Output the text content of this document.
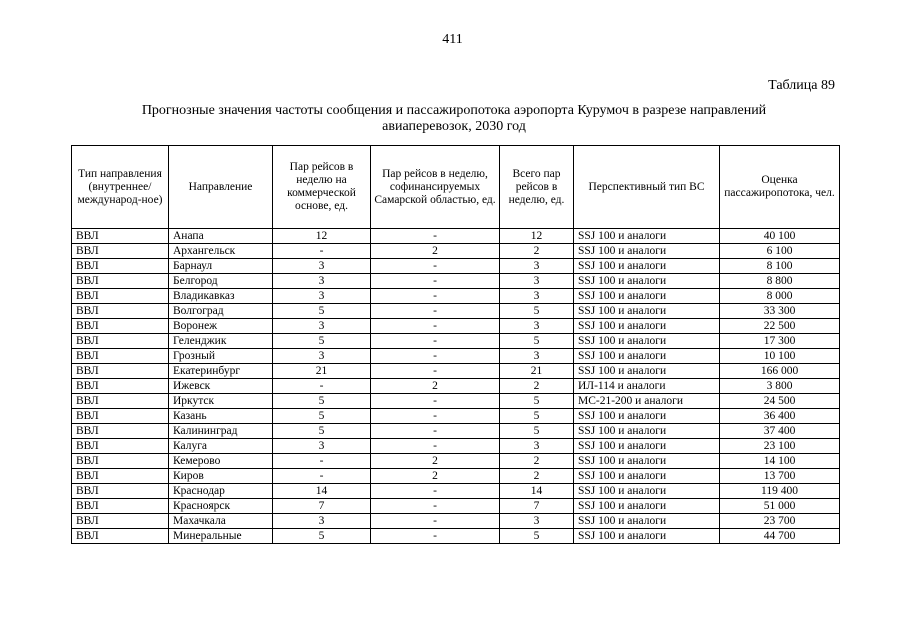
411
Таблица 89
Прогнозные значения частоты сообщения и пассажиропотока аэропорта Курумоч в разрезе направлений
авиаперевозок, 2030 год
Тип направления (внутреннее/ международ-ное)	Направление	Пар рейсов в неделю на коммерческой основе, ед.	Пар рейсов в неделю, софинансируемых Самарской областью, ед.	Всего пар рейсов в неделю, ед.	Перспективный тип ВС	Оценка пассажиропотока, чел.
ВВЛ	Анапа	12	-	12	SSJ 100 и аналоги	40 100
ВВЛ	Архангельск	-	2	2	SSJ 100 и аналоги	6 100
ВВЛ	Барнаул	3	-	3	SSJ 100 и аналоги	8 100
ВВЛ	Белгород	3	-	3	SSJ 100 и аналоги	8 800
ВВЛ	Владикавказ	3	-	3	SSJ 100 и аналоги	8 000
ВВЛ	Волгоград	5	-	5	SSJ 100 и аналоги	33 300
ВВЛ	Воронеж	3	-	3	SSJ 100 и аналоги	22 500
ВВЛ	Геленджик	5	-	5	SSJ 100 и аналоги	17 300
ВВЛ	Грозный	3	-	3	SSJ 100 и аналоги	10 100
ВВЛ	Екатеринбург	21	-	21	SSJ 100 и аналоги	166 000
ВВЛ	Ижевск	-	2	2	ИЛ-114 и аналоги	3 800
ВВЛ	Иркутск	5	-	5	МС-21-200 и аналоги	24 500
ВВЛ	Казань	5	-	5	SSJ 100 и аналоги	36 400
ВВЛ	Калининград	5	-	5	SSJ 100 и аналоги	37 400
ВВЛ	Калуга	3	-	3	SSJ 100 и аналоги	23 100
ВВЛ	Кемерово	-	2	2	SSJ 100 и аналоги	14 100
ВВЛ	Киров	-	2	2	SSJ 100 и аналоги	13 700
ВВЛ	Краснодар	14	-	14	SSJ 100 и аналоги	119 400
ВВЛ	Красноярск	7	-	7	SSJ 100 и аналоги	51 000
ВВЛ	Махачкала	3	-	3	SSJ 100 и аналоги	23 700
ВВЛ	Минеральные	5	-	5	SSJ 100 и аналоги	44 700
